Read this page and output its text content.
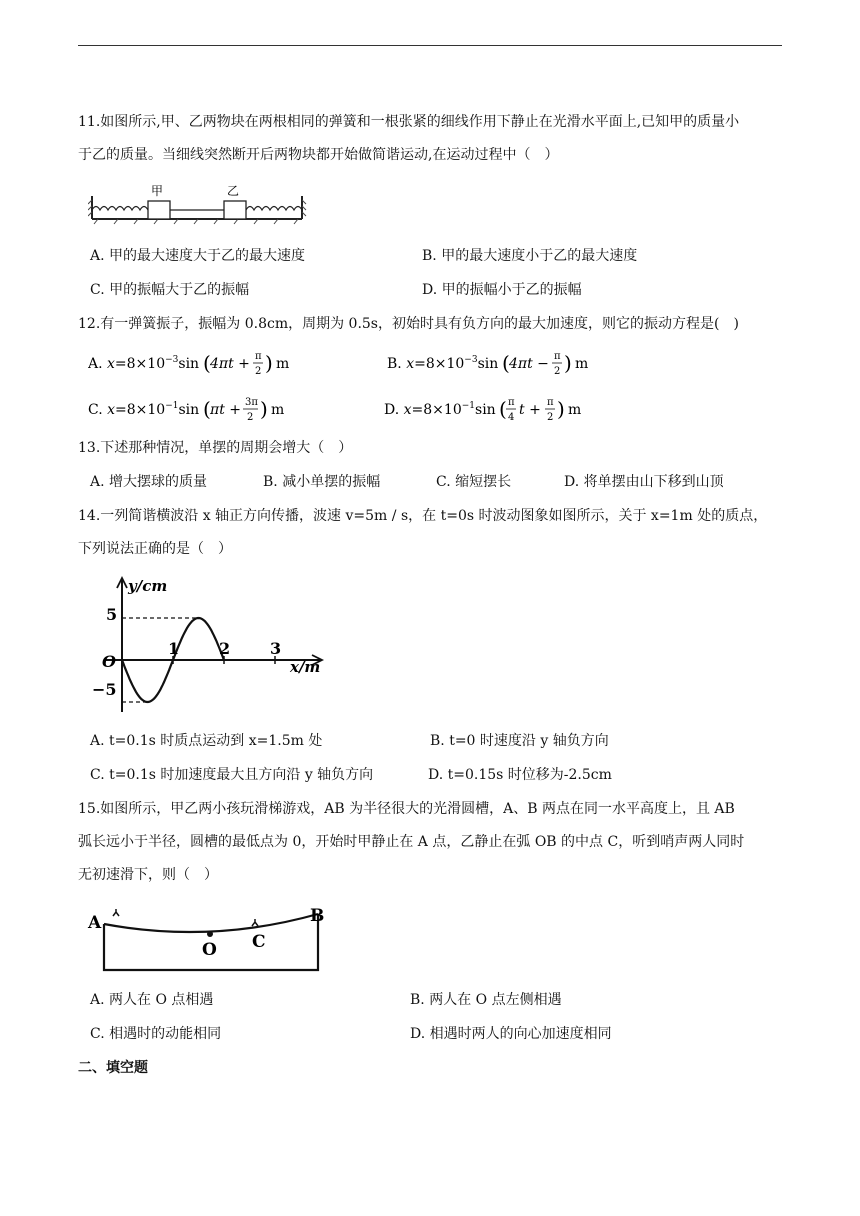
11.如图所示,甲、乙两物块在两根相同的弹簧和一根张紧的细线作用下静止在光滑水平面上,已知甲的质量小
于乙的质量。当细线突然断开后两物块都开始做简谐运动,在运动过程中（　）
甲	乙
A. 甲的最大速度大于乙的最大速度	B. 甲的最大速度小于乙的最大速度
C. 甲的振幅大于乙的振幅	D. 甲的振幅小于乙的振幅
12.有一弹簧振子，振幅为 0.8cm，周期为 0.5s，初始时具有负方向的最大加速度，则它的振动方程是(　)
A. $x=8\times 10^{-3}\sin$ ( 4πt + π
2 ) m	B. $x=8\times 10^{-3}\sin$ ( 4πt − π
2 ) m
C. $x=8\times 10^{-1}\sin$ ( πt + 3π
2 ) m	D. $x=8\times 10^{-1}\sin$ ( π
4 t + π
2 ) m
13.下述那种情况，单摆的周期会增大（　）
A. 增大摆球的质量	B. 减小单摆的振幅	C. 缩短摆长	D. 将单摆由山下移到山顶
14.一列简谐横波沿 x 轴正方向传播，波速 v=5m / s，在 t=0s 时波动图象如图所示，关于 x=1m 处的质点，
下列说法正确的是（　）
y/cm
x/m
O
5
−5
1 2 3
A. t=0.1s 时质点运动到 x=1.5m 处	B. t=0 时速度沿 y 轴负方向
C. t=0.1s 时加速度最大且方向沿 y 轴负方向	D. t=0.15s 时位移为-2.5cm
15.如图所示，甲乙两小孩玩滑梯游戏，AB 为半径很大的光滑圆槽，A、B 两点在同一水平高度上，且 AB
弧长远小于半径，圆槽的最低点为 0，开始时甲静止在 A 点，乙静止在弧 OB 的中点 C，听到哨声两人同时
无初速滑下，则（　）
A	B
O C
A. 两人在 O 点相遇	B. 两人在 O 点左侧相遇
C. 相遇时的动能相同	D. 相遇时两人的向心加速度相同
二、填空题
